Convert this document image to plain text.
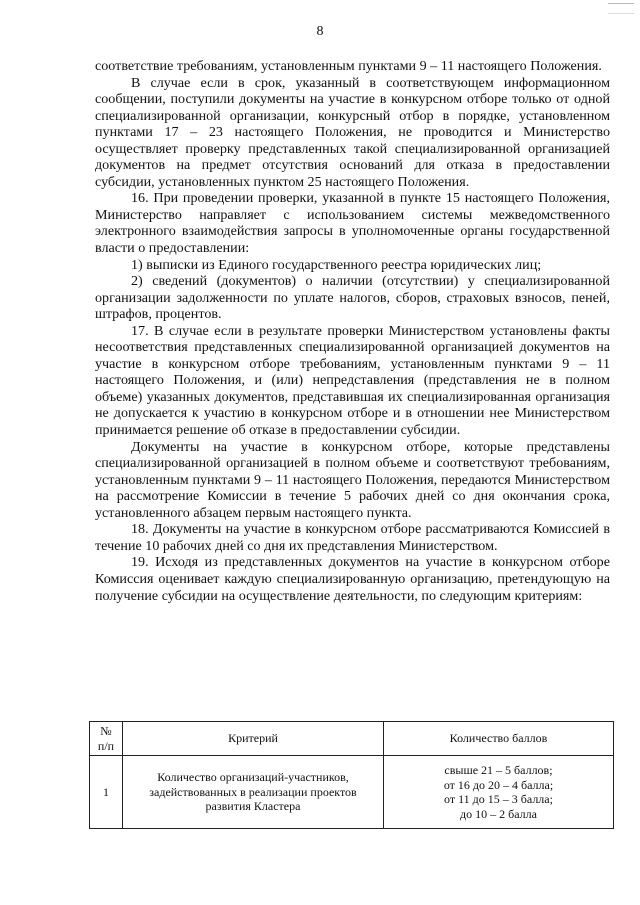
8

соответствие требованиям, установленным пунктами 9 – 11 настоящего Положения.

В случае если в срок, указанный в соответствующем информационном сообщении, поступили документы на участие в конкурсном отборе только от одной специализированной организации, конкурсный отбор в порядке, установленном пунктами 17 – 23 настоящего Положения, не проводится и Министерство осуществляет проверку представленных такой специализированной организацией документов на предмет отсутствия оснований для отказа в предоставлении субсидии, установленных пунктом 25 настоящего Положения.

16. При проведении проверки, указанной в пункте 15 настоящего Положения, Министерство направляет с использованием системы межведомственного электронного взаимодействия запросы в уполномоченные органы государственной власти о предоставлении:

1) выписки из Единого государственного реестра юридических лиц;

2) сведений (документов) о наличии (отсутствии) у специализированной организации задолженности по уплате налогов, сборов, страховых взносов, пеней, штрафов, процентов.

17. В случае если в результате проверки Министерством установлены факты несоответствия представленных специализированной организацией документов на участие в конкурсном отборе требованиям, установленным пунктами 9 – 11 настоящего Положения, и (или) непредставления (представления не в полном объеме) указанных документов, представившая их специализированная организация не допускается к участию в конкурсном отборе и в отношении нее Министерством принимается решение об отказе в предоставлении субсидии.

Документы на участие в конкурсном отборе, которые представлены специализированной организацией в полном объеме и соответствуют требованиям, установленным пунктами 9 – 11 настоящего Положения, передаются Министерством на рассмотрение Комиссии в течение 5 рабочих дней со дня окончания срока, установленного абзацем первым настоящего пункта.

18. Документы на участие в конкурсном отборе рассматриваются Комиссией в течение 10 рабочих дней со дня их представления Министерством.

19. Исходя из представленных документов на участие в конкурсном отборе Комиссия оценивает каждую специализированную организацию, претендующую на получение субсидии на осуществление деятельности, по следующим критериям:

№ п/п	Критерий	Количество баллов
1	Количество организаций-участников, задействованных в реализации проектов развития Кластера	свыше 21 – 5 баллов;
от 16 до 20 – 4 балла;
от 11 до 15 – 3 балла;
до 10 – 2 балла
